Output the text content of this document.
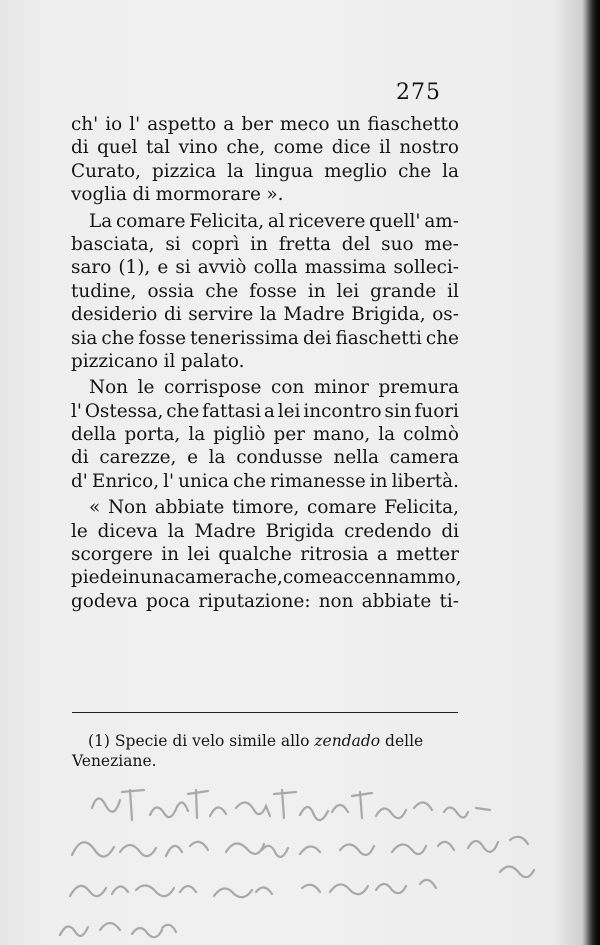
275
ch' io l' aspetto a ber meco un fiaschetto
di quel tal vino che, come dice il nostro
Curato, pizzica la lingua meglio che la
voglia di mormorare ».
La comare Felicita, al ricevere quell' am-
basciata, si coprì in fretta del suo me-
saro (1), e si avviò colla massima solleci-
tudine, ossia che fosse in lei grande il
desiderio di servire la Madre Brigida, os-
sia che fosse tenerissima dei fiaschetti che
pizzicano il palato.
Non le corrispose con minor premura
l' Ostessa, che fattasi a lei incontro sin fuori
della porta, la pigliò per mano, la colmò
di carezze, e la condusse nella camera
d' Enrico, l' unica che rimanesse in libertà.
« Non abbiate timore, comare Felicita,
le diceva la Madre Brigida credendo di
scorgere in lei qualche ritrosia a metter
piede in una camera che, come accennammo,
godeva poca riputazione: non abbiate ti-
(1) Specie di velo simile allo zendado delle
Veneziane.
